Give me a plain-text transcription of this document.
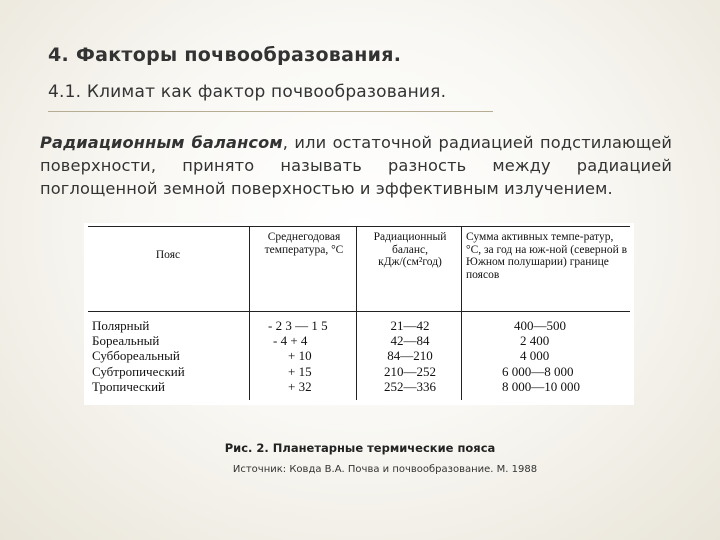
4. Факторы почвообразования.
4.1. Климат как фактор почвообразования.
Радиационным балансом, или остаточной радиацией подстилающей поверхности, принято называть разность между радиацией поглощенной земной поверхностью и эффективным излучением.
Пояс
Среднегодовая температура, °С
Радиационный баланс, кДж/(см²год)
Сумма активных темпе-ратур, °С, за год на юж-ной (северной в Южном полушарии) границе поясов
Полярный
Бореальный
Суббореальный
Субтропический
Тропический
- 2 3 — 1 5
- 4 + 4
+ 10
+ 15
+ 32
21—42
42—84
84—210
210—252
252—336
400—500
2 400
4 000
6 000—8 000
8 000—10 000
Рис. 2. Планетарные термические пояса
Источник: Ковда В.А. Почва и почвообразование. М. 1988
